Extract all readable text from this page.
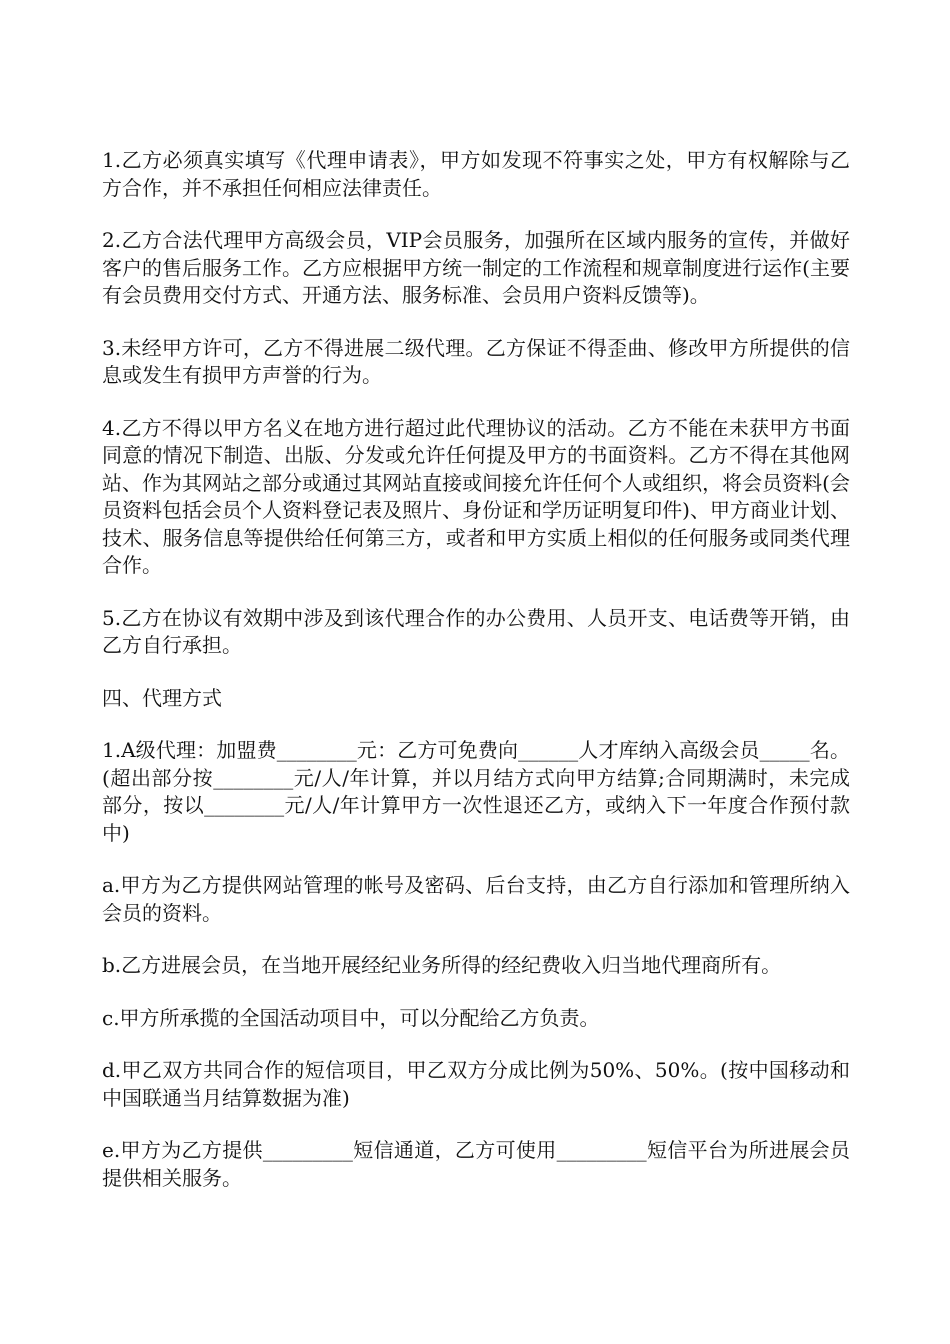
1.乙方必须真实填写《代理申请表》，甲方如发现不符事实之处，甲方有权解除与乙方合作，并不承担任何相应法律责任。

2.乙方合法代理甲方高级会员，VIP会员服务，加强所在区域内服务的宣传，并做好客户的售后服务工作。乙方应根据甲方统一制定的工作流程和规章制度进行运作(主要有会员费用交付方式、开通方法、服务标准、会员用户资料反馈等)。

3.未经甲方许可，乙方不得进展二级代理。乙方保证不得歪曲、修改甲方所提供的信息或发生有损甲方声誉的行为。

4.乙方不得以甲方名义在地方进行超过此代理协议的活动。乙方不能在未获甲方书面同意的情况下制造、出版、分发或允许任何提及甲方的书面资料。乙方不得在其他网站、作为其网站之部分或通过其网站直接或间接允许任何个人或组织，将会员资料(会员资料包括会员个人资料登记表及照片、身份证和学历证明复印件)、甲方商业计划、技术、服务信息等提供给任何第三方，或者和甲方实质上相似的任何服务或同类代理合作。

5.乙方在协议有效期中涉及到该代理合作的办公费用、人员开支、电话费等开销，由乙方自行承担。

四、代理方式

1.A级代理：加盟费________元：乙方可免费向______人才库纳入高级会员_____名。(超出部分按________元/人/年计算，并以月结方式向甲方结算;合同期满时，未完成部分，按以________元/人/年计算甲方一次性退还乙方，或纳入下一年度合作预付款中)

a.甲方为乙方提供网站管理的帐号及密码、后台支持，由乙方自行添加和管理所纳入会员的资料。

b.乙方进展会员，在当地开展经纪业务所得的经纪费收入归当地代理商所有。

c.甲方所承揽的全国活动项目中，可以分配给乙方负责。

d.甲乙双方共同合作的短信项目，甲乙双方分成比例为50%、50%。(按中国移动和中国联通当月结算数据为准)

e.甲方为乙方提供_________短信通道，乙方可使用_________短信平台为所进展会员提供相关服务。
